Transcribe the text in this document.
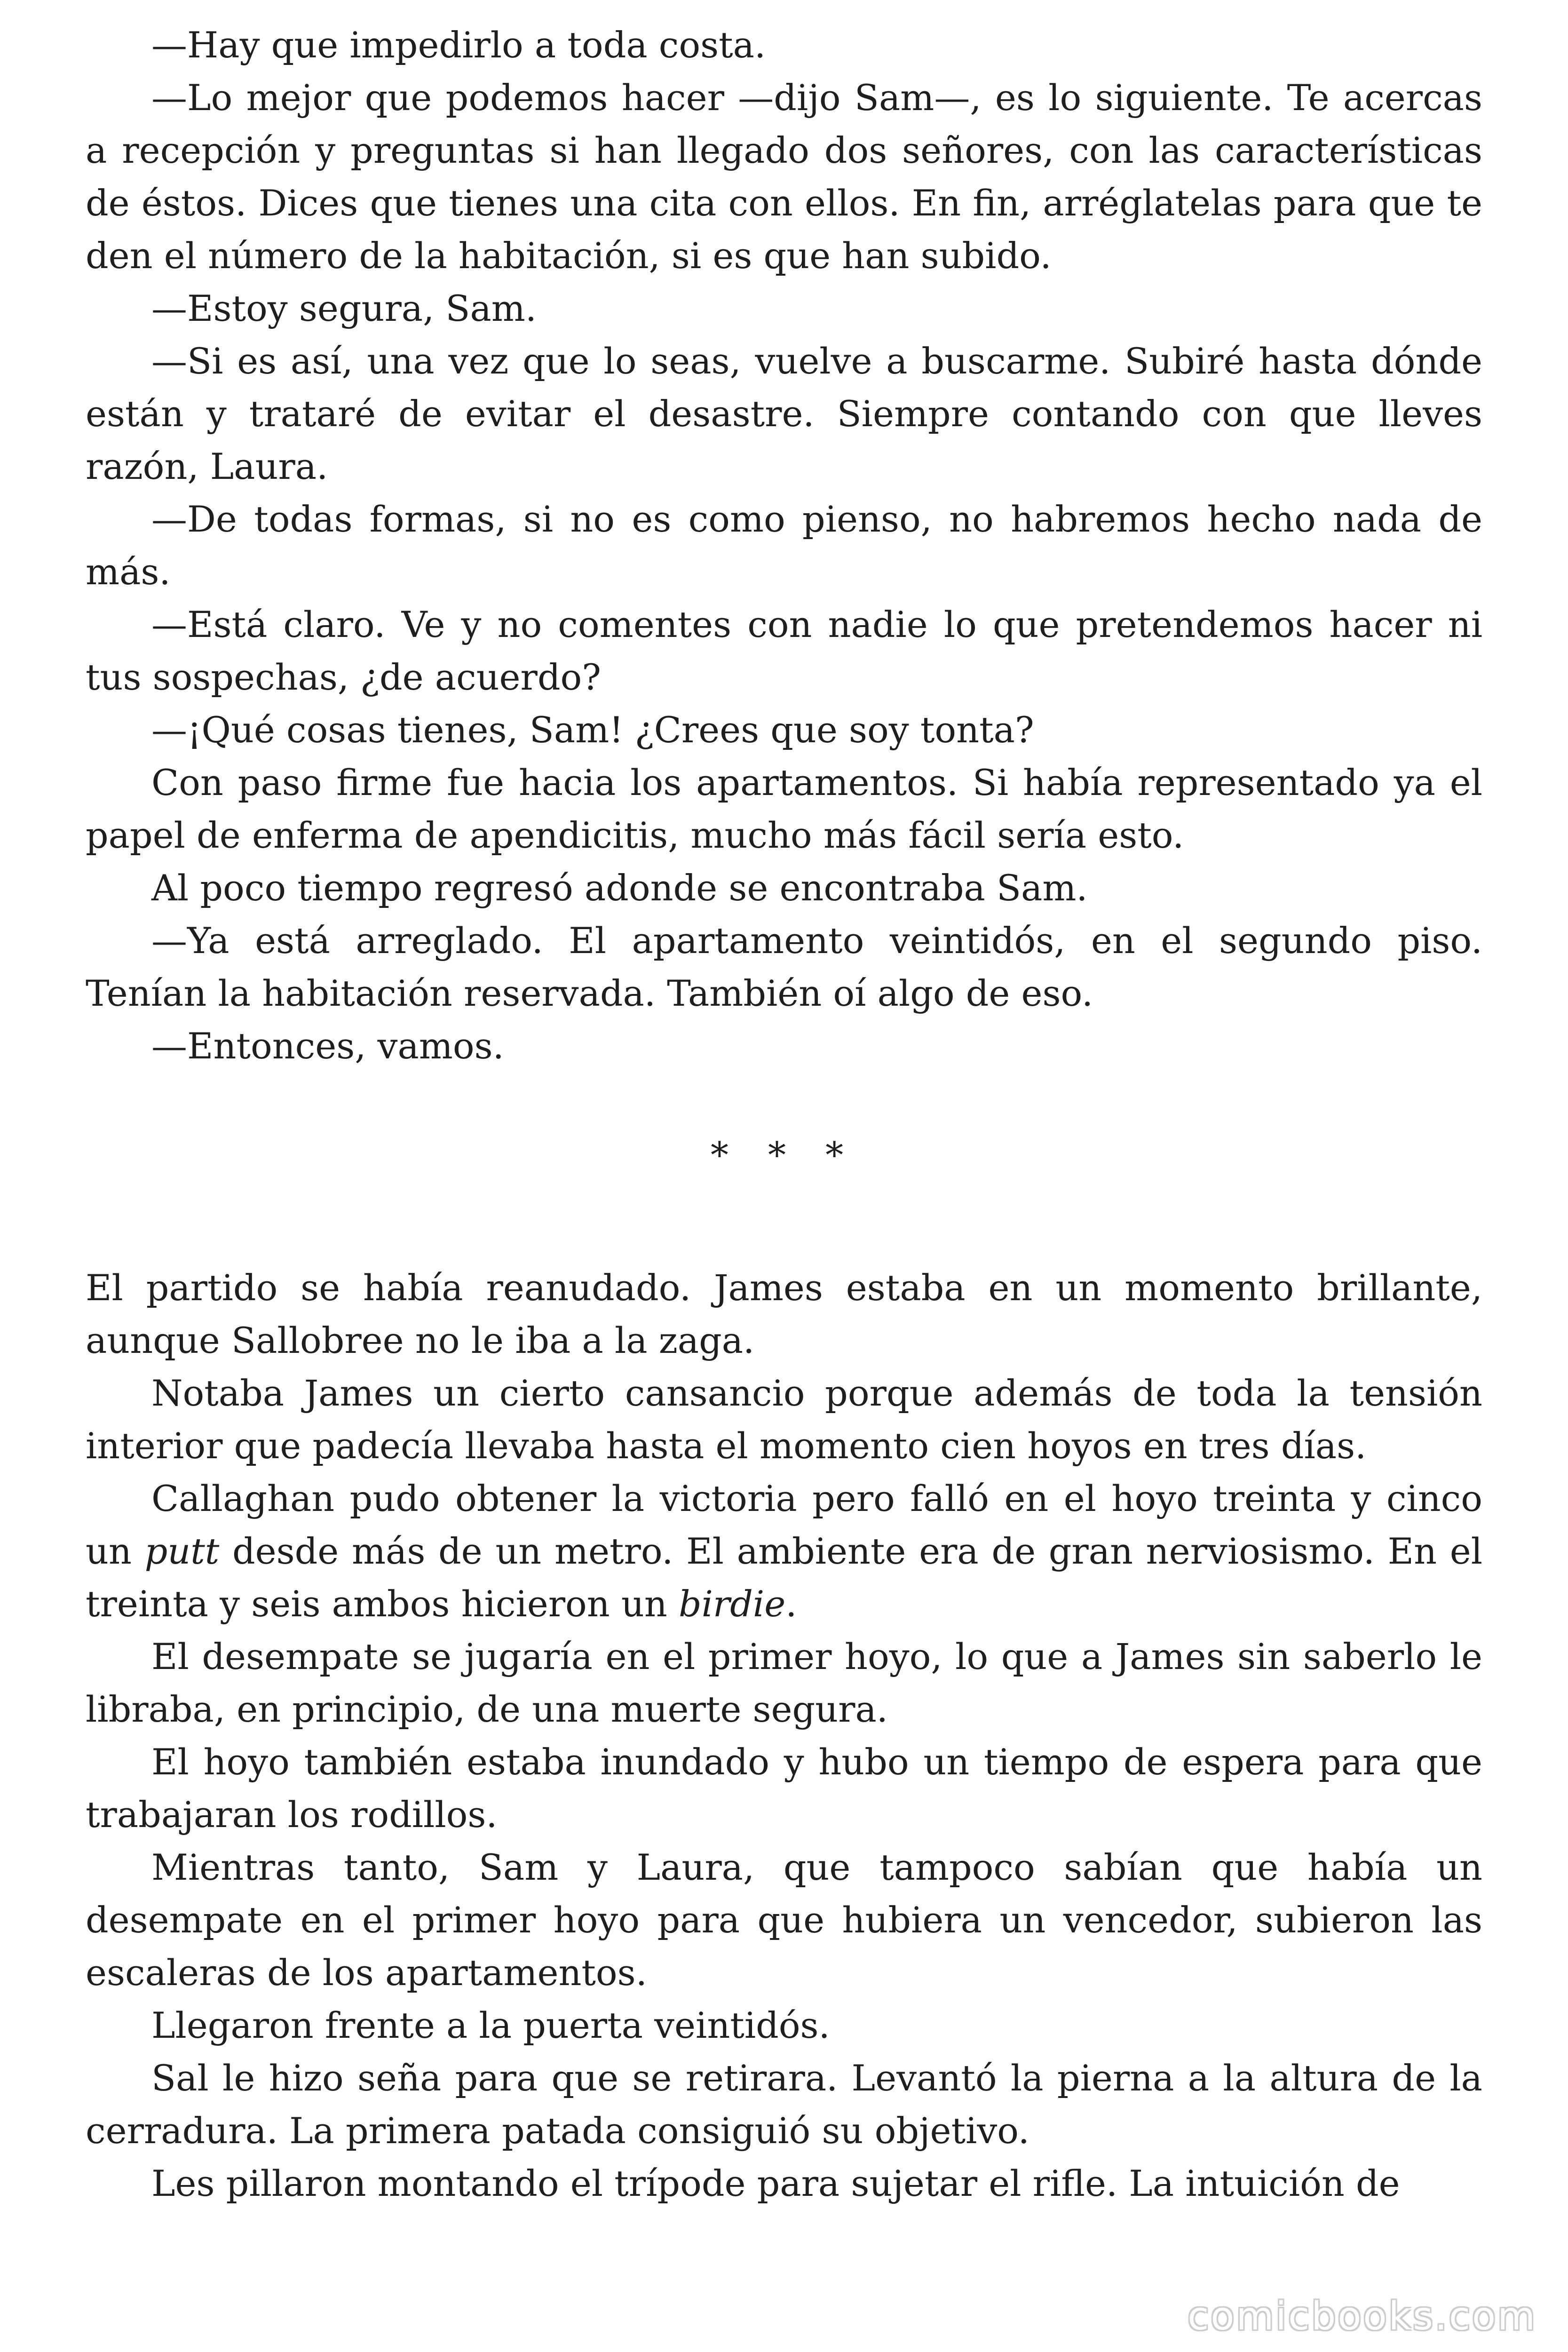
—Hay que impedirlo a toda costa.

—Lo mejor que podemos hacer —dijo Sam—, es lo siguiente. Te acercas a recepción y preguntas si han llegado dos señores, con las características de éstos. Dices que tienes una cita con ellos. En fin, arréglatelas para que te den el número de la habitación, si es que han subido.

—Estoy segura, Sam.

—Si es así, una vez que lo seas, vuelve a buscarme. Subiré hasta dónde están y trataré de evitar el desastre. Siempre contando con que lleves razón, Laura.

—De todas formas, si no es como pienso, no habremos hecho nada de más.

—Está claro. Ve y no comentes con nadie lo que pretendemos hacer ni tus sospechas, ¿de acuerdo?

—¡Qué cosas tienes, Sam! ¿Crees que soy tonta?

Con paso firme fue hacia los apartamentos. Si había representado ya el papel de enferma de apendicitis, mucho más fácil sería esto.

Al poco tiempo regresó adonde se encontraba Sam.

—Ya está arreglado. El apartamento veintidós, en el segundo piso. Tenían la habitación reservada. También oí algo de eso.

—Entonces, vamos.

* * *

El partido se había reanudado. James estaba en un momento brillante, aunque Sallobree no le iba a la zaga.

Notaba James un cierto cansancio porque además de toda la tensión interior que padecía llevaba hasta el momento cien hoyos en tres días.

Callaghan pudo obtener la victoria pero falló en el hoyo treinta y cinco un putt desde más de un metro. El ambiente era de gran nerviosismo. En el treinta y seis ambos hicieron un birdie.

El desempate se jugaría en el primer hoyo, lo que a James sin saberlo le libraba, en principio, de una muerte segura.

El hoyo también estaba inundado y hubo un tiempo de espera para que trabajaran los rodillos.

Mientras tanto, Sam y Laura, que tampoco sabían que había un desempate en el primer hoyo para que hubiera un vencedor, subieron las escaleras de los apartamentos.

Llegaron frente a la puerta veintidós.

Sal le hizo seña para que se retirara. Levantó la pierna a la altura de la cerradura. La primera patada consiguió su objetivo.

Les pillaron montando el trípode para sujetar el rifle. La intuición de

comicbooks.com
